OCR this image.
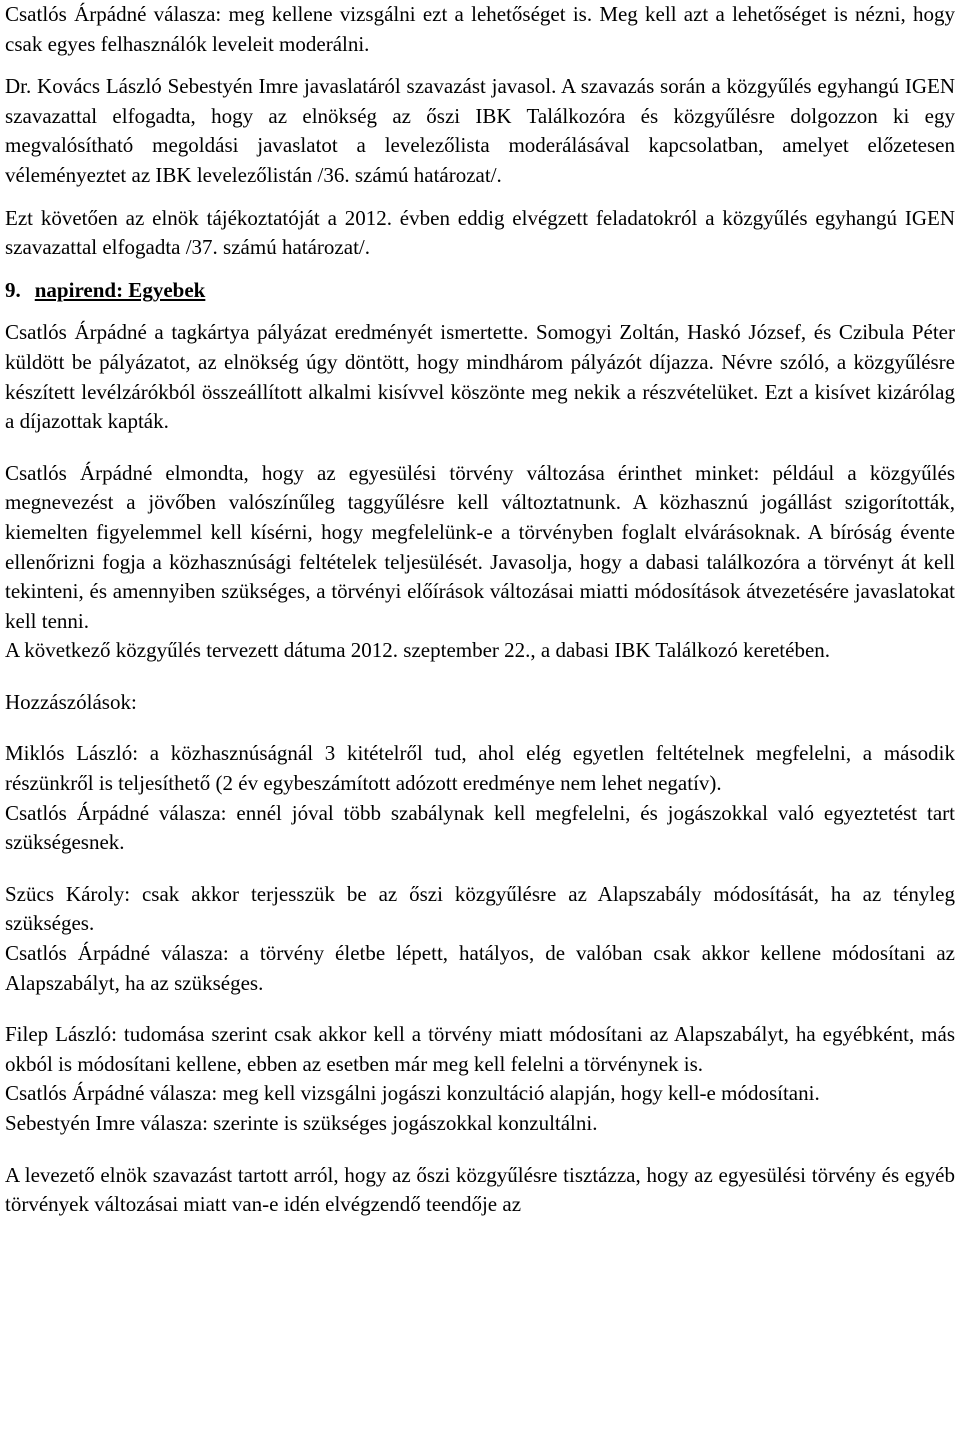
Csatlós Árpádné válasza: meg kellene vizsgálni ezt a lehetőséget is. Meg kell azt a lehetőséget is nézni, hogy csak egyes felhasználók leveleit moderálni.

Dr. Kovács László Sebestyén Imre javaslatáról szavazást javasol. A szavazás során a közgyűlés egyhangú IGEN szavazattal elfogadta, hogy az elnökség az őszi IBK Találkozóra és közgyűlésre dolgozzon ki egy megvalósítható megoldási javaslatot a levelezőlista moderálásával kapcsolatban, amelyet előzetesen véleményeztet az IBK levelezőlistán /36. számú határozat/.

Ezt követően az elnök tájékoztatóját a 2012. évben eddig elvégzett feladatokról a közgyűlés egyhangú IGEN szavazattal elfogadta /37. számú határozat/.

9. napirend: Egyebek

Csatlós Árpádné a tagkártya pályázat eredményét ismertette. Somogyi Zoltán, Haskó József, és Czibula Péter küldött be pályázatot, az elnökség úgy döntött, hogy mindhárom pályázót díjazza. Névre szóló, a közgyűlésre készített levélzárókból összeállított alkalmi kisívvel köszönte meg nekik a részvételüket. Ezt a kisívet kizárólag a díjazottak kapták.

Csatlós Árpádné elmondta, hogy az egyesülési törvény változása érinthet minket: például a közgyűlés megnevezést a jövőben valószínűleg taggyűlésre kell változtatnunk. A közhasznú jogállást szigorították, kiemelten figyelemmel kell kísérni, hogy megfelelünk-e a törvényben foglalt elvárásoknak. A bíróság évente ellenőrizni fogja a közhasznúsági feltételek teljesülését. Javasolja, hogy a dabasi találkozóra a törvényt át kell tekinteni, és amennyiben szükséges, a törvényi előírások változásai miatti módosítások átvezetésére javaslatokat kell tenni.

A következő közgyűlés tervezett dátuma 2012. szeptember 22., a dabasi IBK Találkozó keretében.

Hozzászólások:

Miklós László: a közhasznúságnál 3 kitételről tud, ahol elég egyetlen feltételnek megfelelni, a második részünkről is teljesíthető (2 év egybeszámított adózott eredménye nem lehet negatív).

Csatlós Árpádné válasza: ennél jóval több szabálynak kell megfelelni, és jogászokkal való egyeztetést tart szükségesnek.

Szücs Károly: csak akkor terjesszük be az őszi közgyűlésre az Alapszabály módosítását, ha az tényleg szükséges.

Csatlós Árpádné válasza: a törvény életbe lépett, hatályos, de valóban csak akkor kellene módosítani az Alapszabályt, ha az szükséges.

Filep László: tudomása szerint csak akkor kell a törvény miatt módosítani az Alapszabályt, ha egyébként, más okból is módosítani kellene, ebben az esetben már meg kell felelni a törvénynek is.

Csatlós Árpádné válasza: meg kell vizsgálni jogászi konzultáció alapján, hogy kell-e módosítani.

Sebestyén Imre válasza: szerinte is szükséges jogászokkal konzultálni.

A levezető elnök szavazást tartott arról, hogy az őszi közgyűlésre tisztázza, hogy az egyesülési törvény és egyéb törvények változásai miatt van-e idén elvégzendő teendője az
